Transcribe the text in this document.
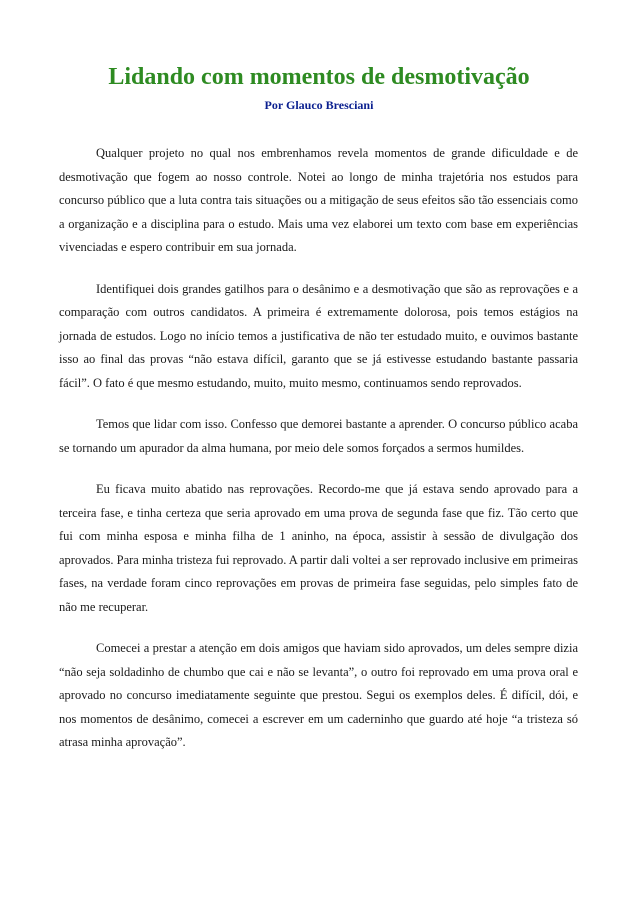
Lidando com momentos de desmotivação

Por Glauco Bresciani

Qualquer projeto no qual nos embrenhamos revela momentos de grande dificuldade e de desmotivação que fogem ao nosso controle. Notei ao longo de minha trajetória nos estudos para concurso público que a luta contra tais situações ou a mitigação de seus efeitos são tão essenciais como a organização e a disciplina para o estudo. Mais uma vez elaborei um texto com base em experiências vivenciadas e espero contribuir em sua jornada.

Identifiquei dois grandes gatilhos para o desânimo e a desmotivação que são as reprovações e a comparação com outros candidatos. A primeira é extremamente dolorosa, pois temos estágios na jornada de estudos. Logo no início temos a justificativa de não ter estudado muito, e ouvimos bastante isso ao final das provas “não estava difícil, garanto que se já estivesse estudando bastante passaria fácil”. O fato é que mesmo estudando, muito, muito mesmo, continuamos sendo reprovados.

Temos que lidar com isso. Confesso que demorei bastante a aprender. O concurso público acaba se tornando um apurador da alma humana, por meio dele somos forçados a sermos humildes.

Eu ficava muito abatido nas reprovações. Recordo-me que já estava sendo aprovado para a terceira fase, e tinha certeza que seria aprovado em uma prova de segunda fase que fiz. Tão certo que fui com minha esposa e minha filha de 1 aninho, na época, assistir à sessão de divulgação dos aprovados. Para minha tristeza fui reprovado. A partir dali voltei a ser reprovado inclusive em primeiras fases, na verdade foram cinco reprovações em provas de primeira fase seguidas, pelo simples fato de não me recuperar.

Comecei a prestar a atenção em dois amigos que haviam sido aprovados, um deles sempre dizia “não seja soldadinho de chumbo que cai e não se levanta”, o outro foi reprovado em uma prova oral e aprovado no concurso imediatamente seguinte que prestou. Segui os exemplos deles. É difícil, dói, e nos momentos de desânimo, comecei a escrever em um caderninho que guardo até hoje “a tristeza só atrasa minha aprovação”.
